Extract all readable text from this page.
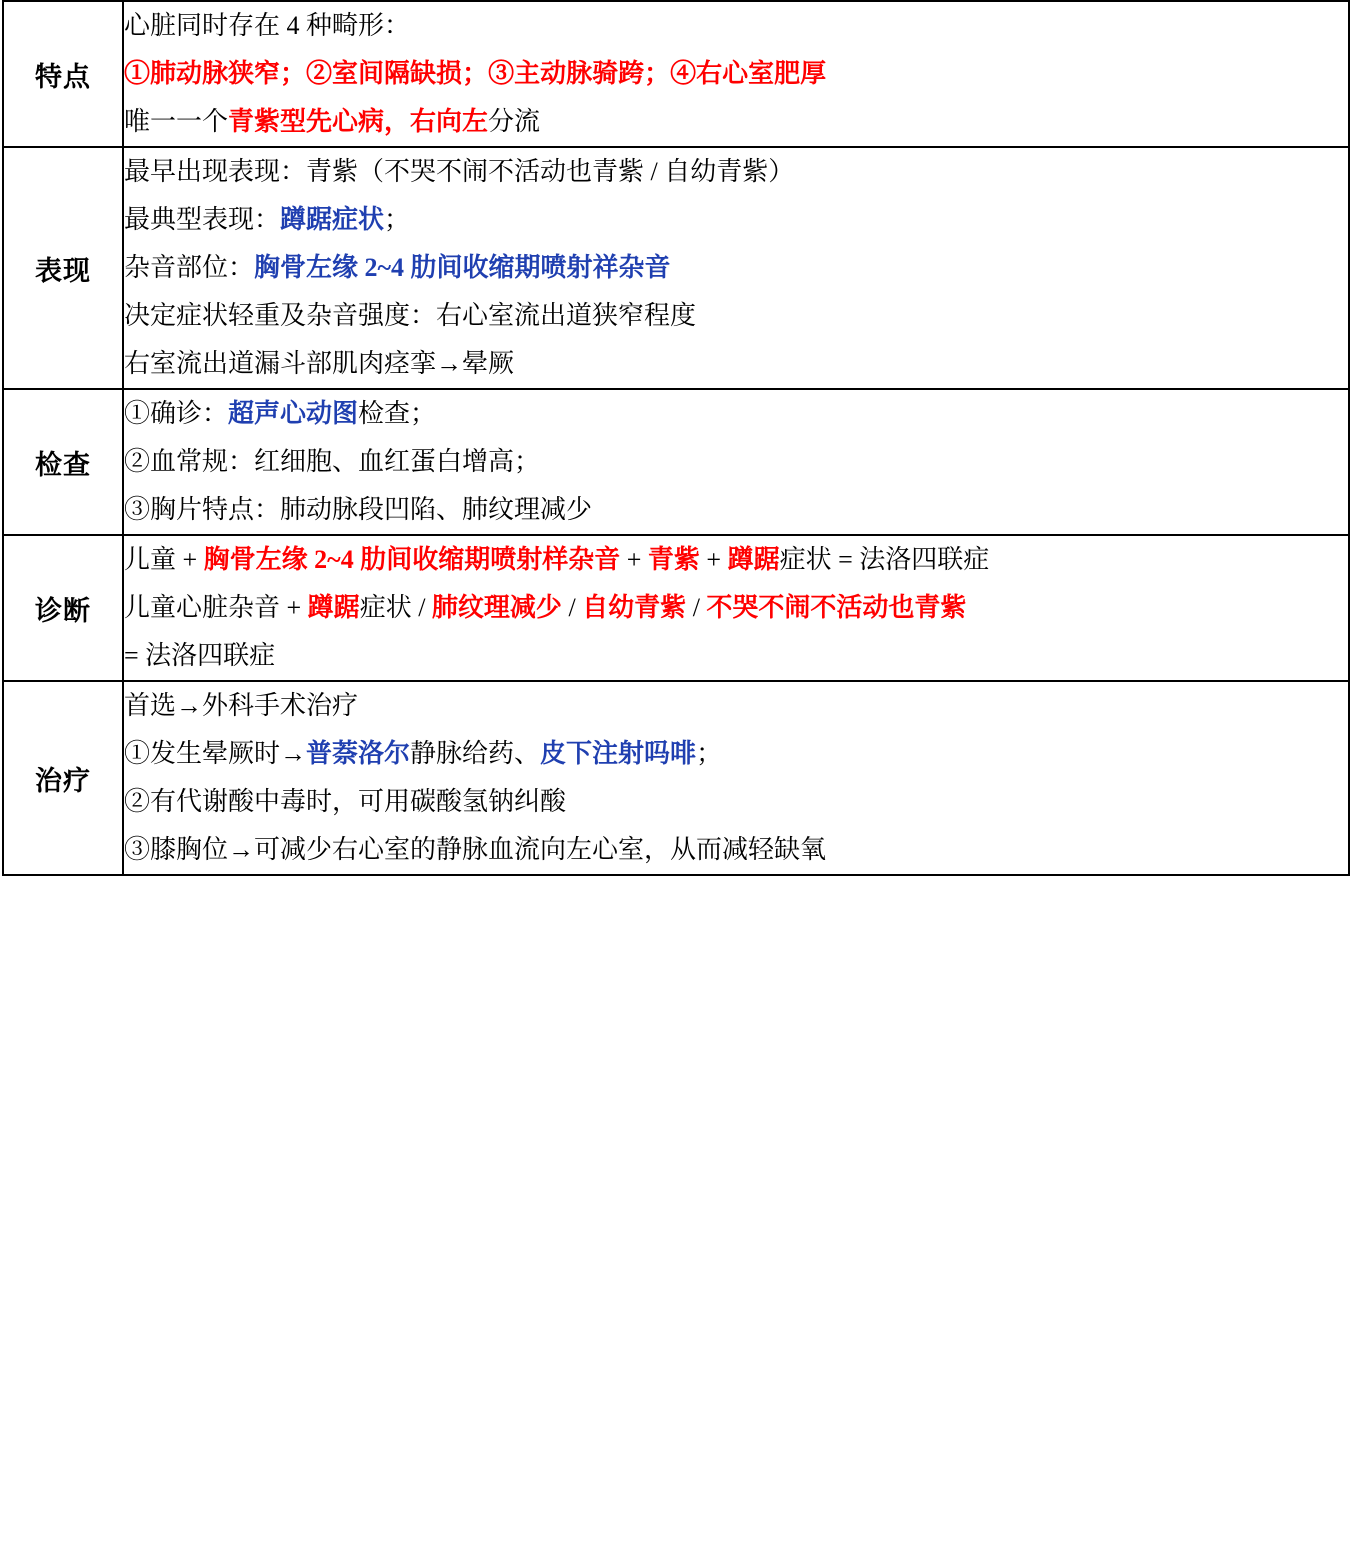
特点	心脏同时存在 4 种畸形：
①肺动脉狭窄；②室间隔缺损；③主动脉骑跨；④右心室肥厚
唯一一个青紫型先心病，右向左分流

表现	最早出现表现：青紫（不哭不闹不活动也青紫 / 自幼青紫）
最典型表现：蹲踞症状；
杂音部位：胸骨左缘 2~4 肋间收缩期喷射祥杂音
决定症状轻重及杂音强度：右心室流出道狭窄程度
右室流出道漏斗部肌肉痉挛→晕厥

检查	①确诊：超声心动图检查；
②血常规：红细胞、血红蛋白增高；
③胸片特点：肺动脉段凹陷、肺纹理减少

诊断	儿童 + 胸骨左缘 2~4 肋间收缩期喷射样杂音 + 青紫 + 蹲踞症状 = 法洛四联症
儿童心脏杂音 + 蹲踞症状 / 肺纹理减少 / 自幼青紫 / 不哭不闹不活动也青紫
= 法洛四联症

治疗	首选→外科手术治疗
①发生晕厥时→普萘洛尔静脉给药、皮下注射吗啡；
②有代谢酸中毒时，可用碳酸氢钠纠酸
③膝胸位→可减少右心室的静脉血流向左心室，从而减轻缺氧
